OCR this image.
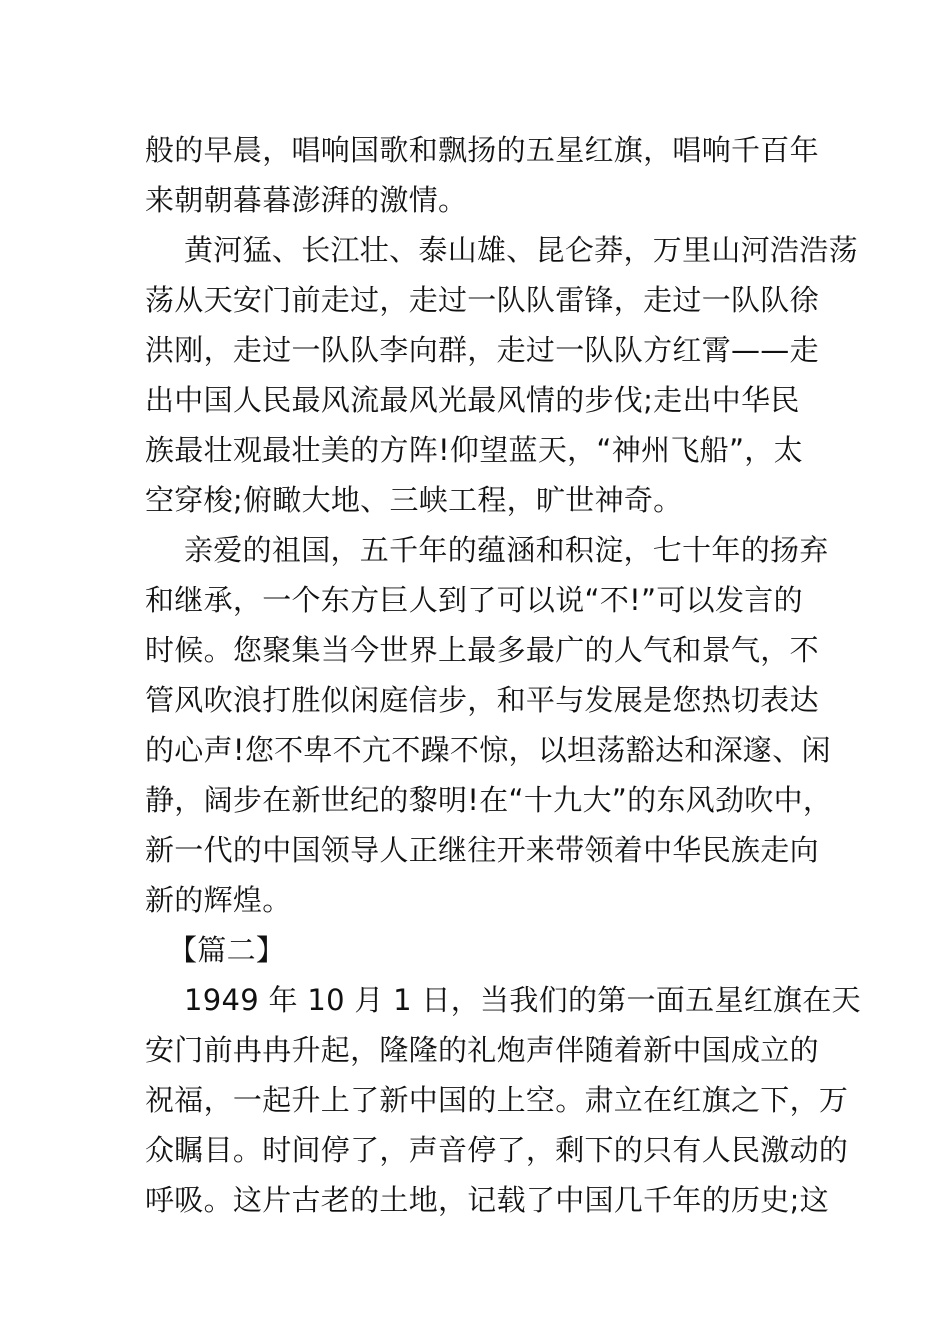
般的早晨，唱响国歌和飘扬的五星红旗，唱响千百年
来朝朝暮暮澎湃的激情。
黄河猛、长江壮、泰山雄、昆仑莽，万里山河浩浩荡
荡从天安门前走过，走过一队队雷锋，走过一队队徐
洪刚，走过一队队李向群，走过一队队方红霄——走
出中国人民最风流最风光最风情的步伐;走出中华民
族最壮观最壮美的方阵!仰望蓝天，“神州飞船”，太
空穿梭;俯瞰大地、三峡工程，旷世神奇。
亲爱的祖国，五千年的蕴涵和积淀，七十年的扬弃
和继承，一个东方巨人到了可以说“不!”可以发言的
时候。您聚集当今世界上最多最广的人气和景气，不
管风吹浪打胜似闲庭信步，和平与发展是您热切表达
的心声!您不卑不亢不躁不惊，以坦荡豁达和深邃、闲
静，阔步在新世纪的黎明!在“十九大”的东风劲吹中，
新一代的中国领导人正继往开来带领着中华民族走向
新的辉煌。
【篇二】
1949 年 10 月 1 日，当我们的第一面五星红旗在天
安门前冉冉升起，隆隆的礼炮声伴随着新中国成立的
祝福，一起升上了新中国的上空。肃立在红旗之下，万
众瞩目。时间停了，声音停了，剩下的只有人民激动的
呼吸。这片古老的土地，记载了中国几千年的历史;这
